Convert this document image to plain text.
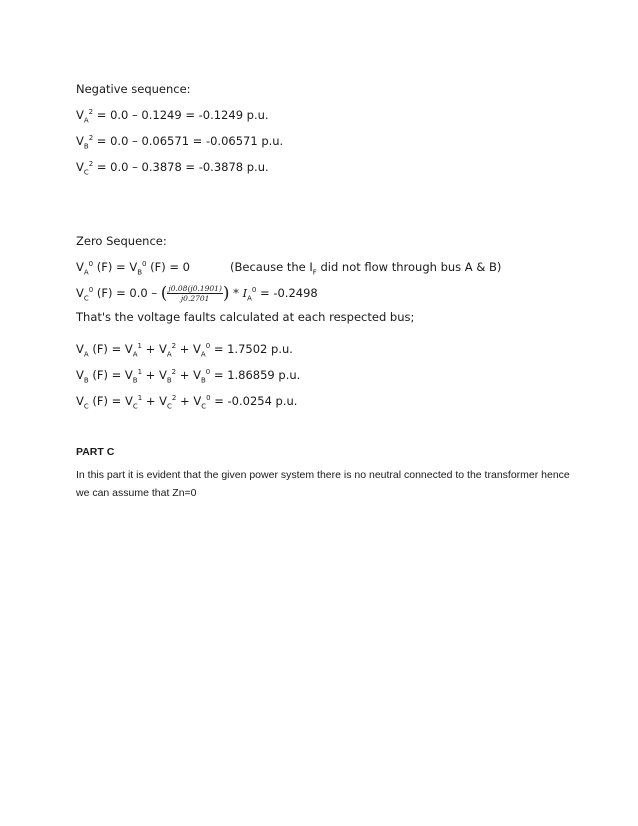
Negative sequence:
$V_A^2 = 0.0 - 0.1249 = -0.1249$ p.u.
$V_B^2 = 0.0 - 0.06571 = -0.06571$ p.u.
$V_C^2 = 0.0 - 0.3878 = -0.3878$ p.u.
Zero Sequence:
$V_A^0$ $(F) = V_B^0$ (F) = 0	(Because the $I_F$ did not flow through bus A & B)
$V_C^0$ (F) = 0.0 – ( $\frac{j0.08(j0.1901)}{j0.2701}$ ) * $I_A^0 = -0.2498$
That's the voltage faults calculated at each respected bus;
$V_A$ $(F) = V_A^1 + V_A^2 + V_A^0 = 1.7502$ p.u.
$V_B$ $(F) = V_B^1 + V_B^2 + V_B^0 = 1.86859$ p.u.
$V_C$ $(F) = V_C^1 + V_C^2 + V_C^0 = -0.0254$ p.u.
PART C
In this part it is evident that the given power system there is no neutral connected to the transformer hence we can assume that Zn=0
